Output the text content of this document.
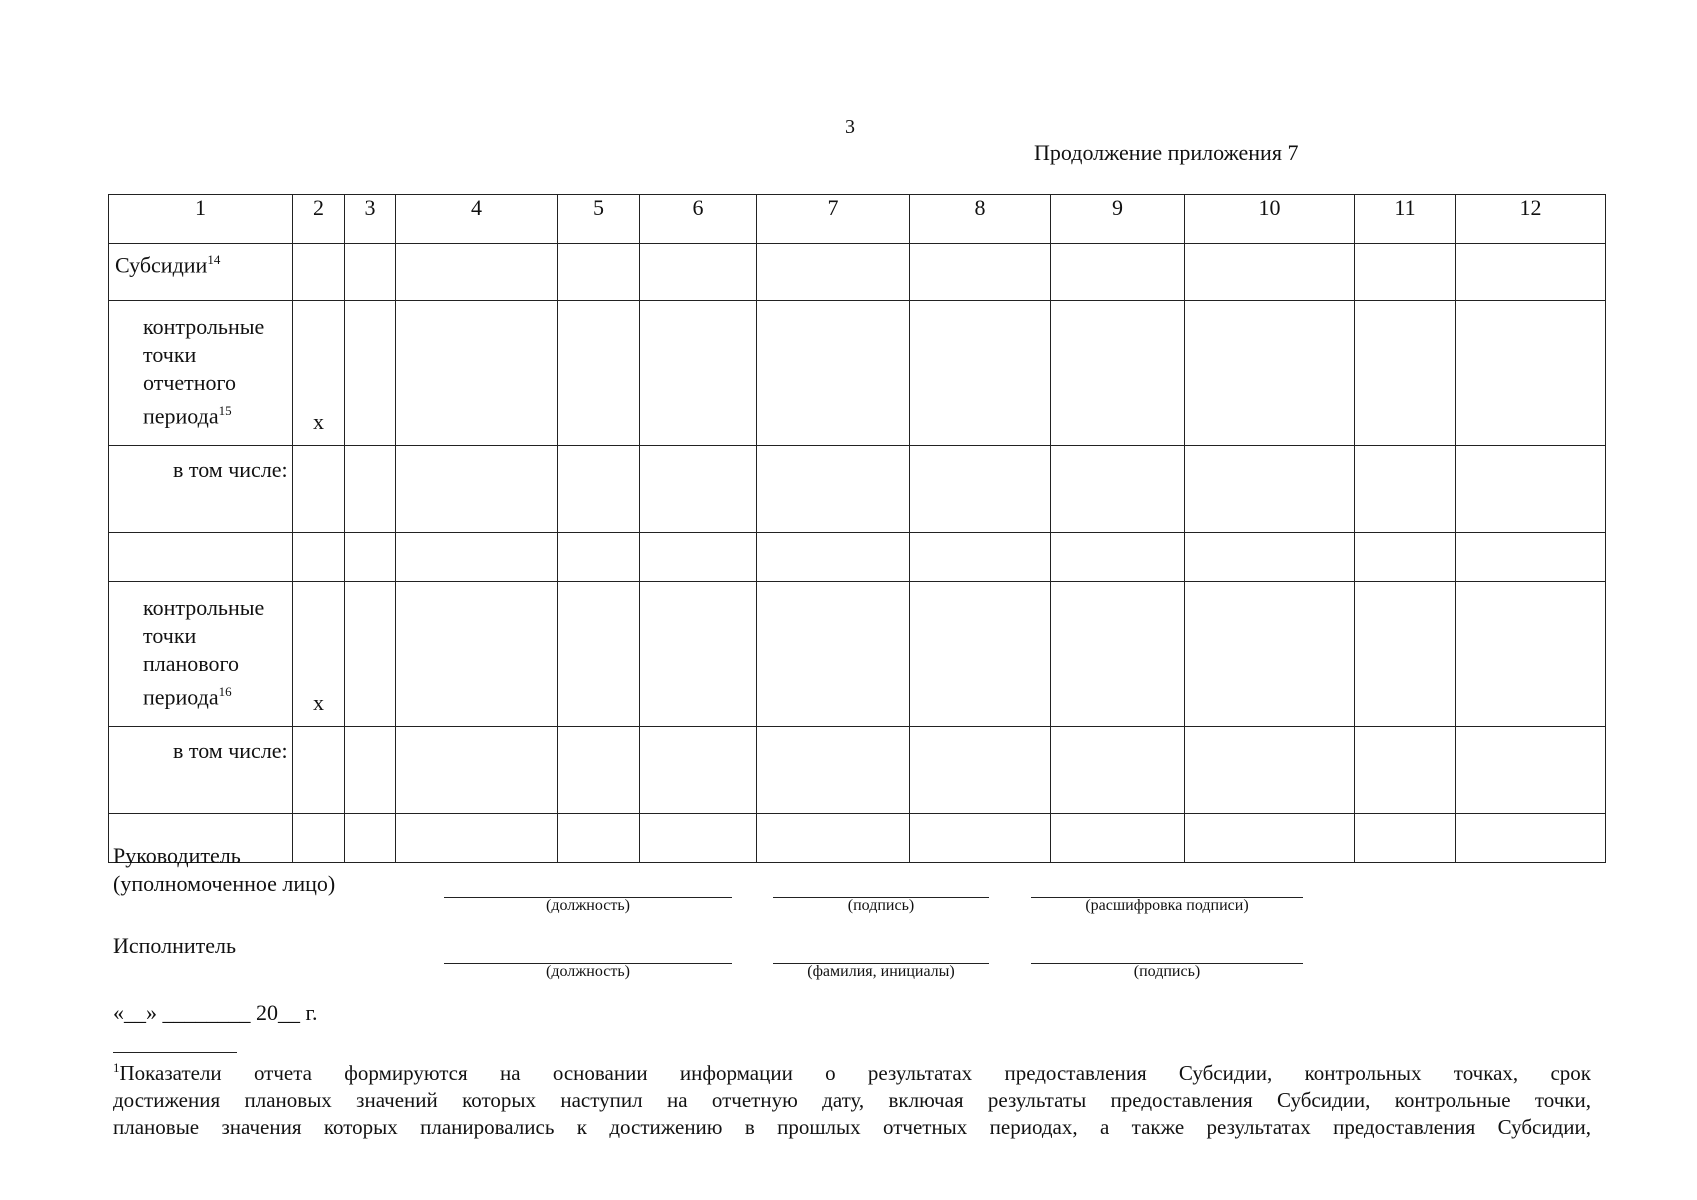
3
Продолжение приложения 7
1	2	3	4	5	6	7	8	9	10	11	12
Субсидии$^{14}$											
контрольные точки отчетного периода$^{15}$	x										
в том числе:											

контрольные точки планового периода$^{16}$	x										
в том числе:											

Руководитель (уполномоченное лицо)
(должность)	(подпись)	(расшифровка подписи)
Исполнитель
(должность)	(фамилия, инициалы)	(подпись)
«__» ________ 20__ г.
$^1$Показатели отчета формируются на основании информации о результатах предоставления Субсидии, контрольных точках, срок
достижения плановых значений которых наступил на отчетную дату, включая результаты предоставления Субсидии, контрольные точки,
плановые значения которых планировались к достижению в прошлых отчетных периодах, а также результатах предоставления Субсидии,
